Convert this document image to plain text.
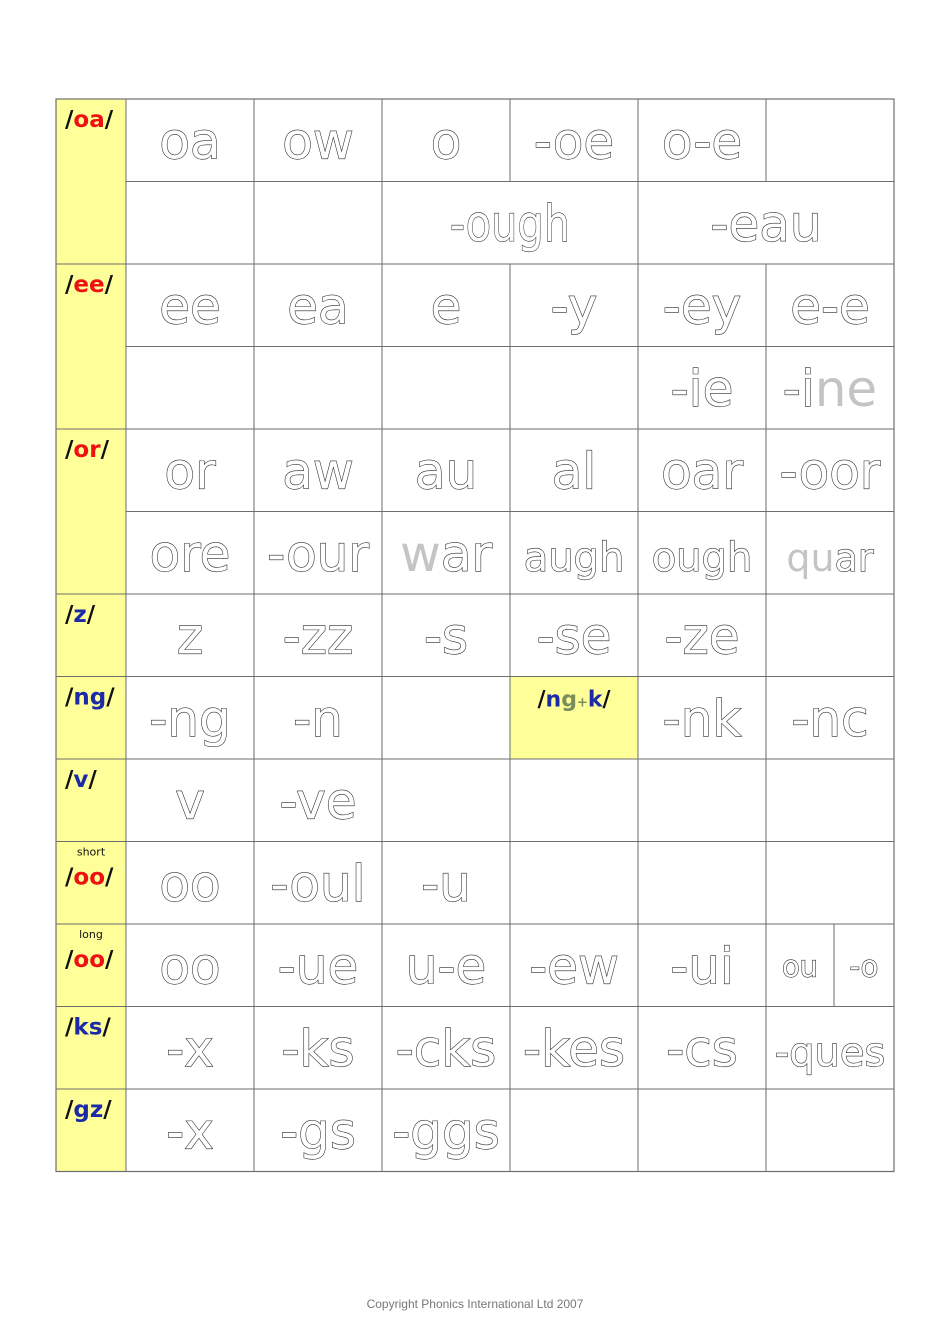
oa ow o -oe o-e
-ough	-eau
ee ea e -y -ey e-e
-ie -ine
or aw au al oar -oor
ore -our war augh ough quar
z -zz -s -se -ze
-ng -n	/ng+k/ -nk -nc
v -ve
oo -oul -u
oo -ue u-e -ew -ui ou -o
-x -ks -cks -kes -cs -ques
-x -gs -ggs
/oa/
/ee/
/or/
/z/
/ng/
/v/
short
/oo/
long
/oo/
/ks/
/gz/
Copyright Phonics International Ltd 2007
